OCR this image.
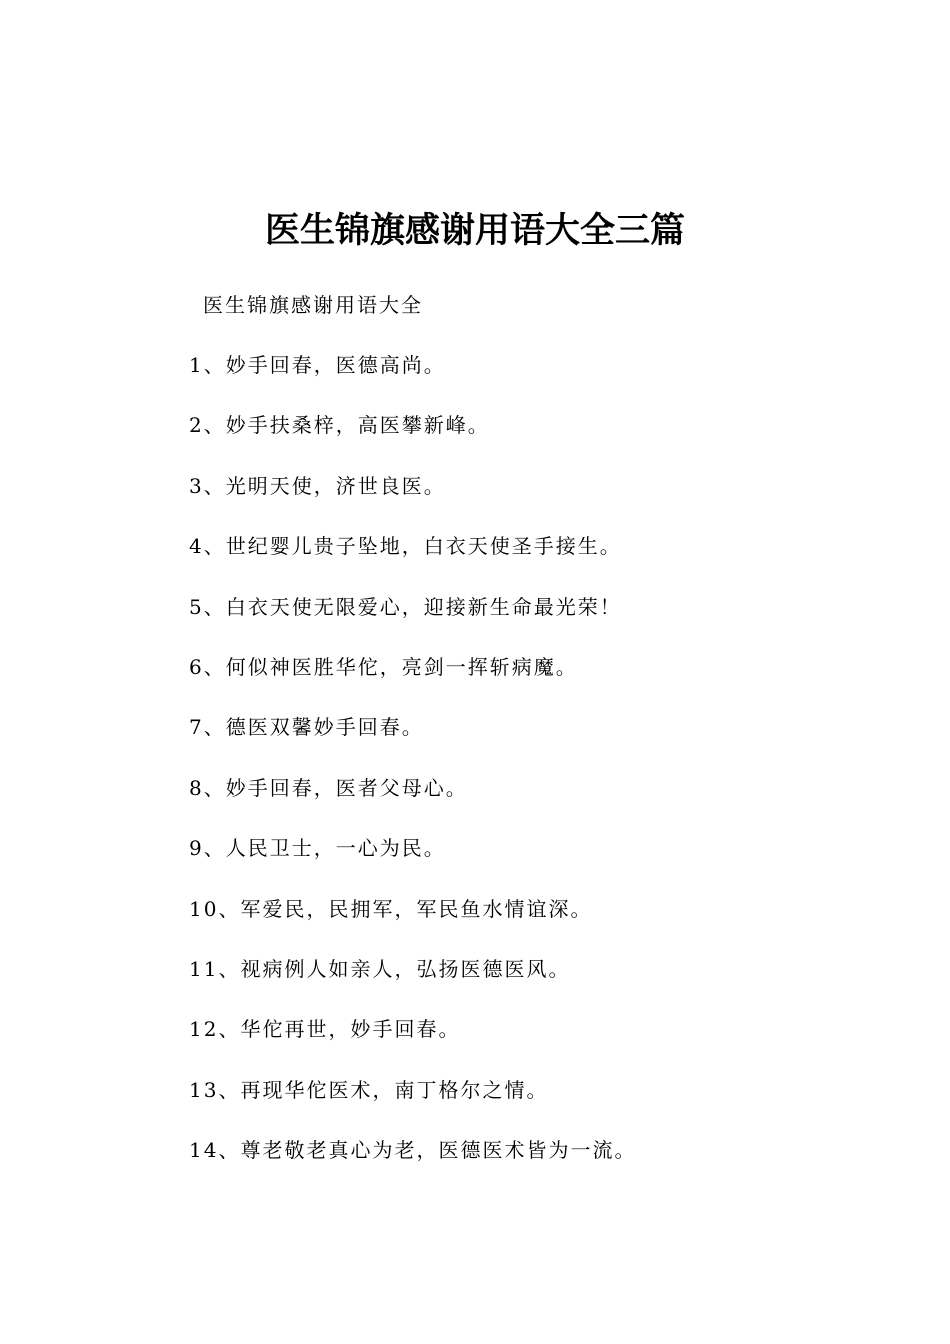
医生锦旗感谢用语大全三篇
医生锦旗感谢用语大全
1、妙手回春，医德高尚。
2、妙手扶桑梓，高医攀新峰。
3、光明天使，济世良医。
4、世纪婴儿贵子坠地，白衣天使圣手接生。
5、白衣天使无限爱心，迎接新生命最光荣！
6、何似神医胜华佗，亮剑一挥斩病魔。
7、德医双馨妙手回春。
8、妙手回春，医者父母心。
9、人民卫士，一心为民。
10、军爱民，民拥军，军民鱼水情谊深。
11、视病例人如亲人，弘扬医德医风。
12、华佗再世，妙手回春。
13、再现华佗医术，南丁格尔之情。
14、尊老敬老真心为老，医德医术皆为一流。
